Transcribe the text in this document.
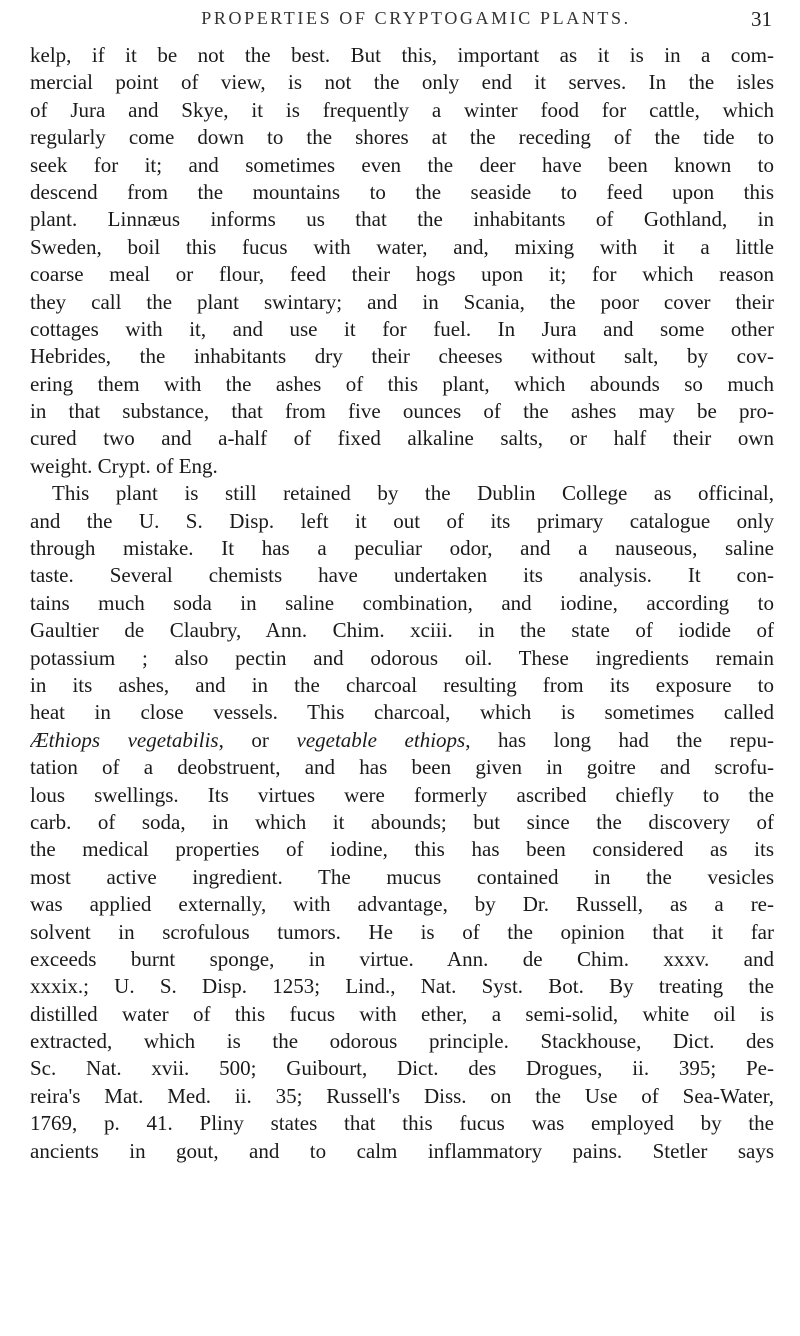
PROPERTIES OF CRYPTOGAMIC PLANTS.	31
kelp, if it be not the best. But this, important as it is in a com-
mercial point of view, is not the only end it serves. In the isles
of Jura and Skye, it is frequently a winter food for cattle, which
regularly come down to the shores at the receding of the tide to
seek for it; and sometimes even the deer have been known to
descend from the mountains to the seaside to feed upon this
plant. Linnæus informs us that the inhabitants of Gothland, in
Sweden, boil this fucus with water, and, mixing with it a little
coarse meal or flour, feed their hogs upon it; for which reason
they call the plant swintary; and in Scania, the poor cover their
cottages with it, and use it for fuel. In Jura and some other
Hebrides, the inhabitants dry their cheeses without salt, by cov-
ering them with the ashes of this plant, which abounds so much
in that substance, that from five ounces of the ashes may be pro-
cured two and a-half of fixed alkaline salts, or half their own
weight. Crypt. of Eng.
This plant is still retained by the Dublin College as officinal,
and the U. S. Disp. left it out of its primary catalogue only
through mistake. It has a peculiar odor, and a nauseous, saline
taste. Several chemists have undertaken its analysis. It con-
tains much soda in saline combination, and iodine, according to
Gaultier de Claubry, Ann. Chim. xciii. in the state of iodide of
potassium ; also pectin and odorous oil. These ingredients remain
in its ashes, and in the charcoal resulting from its exposure to
heat in close vessels. This charcoal, which is sometimes called
Æthiops vegetabilis, or vegetable ethiops, has long had the repu-
tation of a deobstruent, and has been given in goitre and scrofu-
lous swellings. Its virtues were formerly ascribed chiefly to the
carb. of soda, in which it abounds; but since the discovery of
the medical properties of iodine, this has been considered as its
most active ingredient. The mucus contained in the vesicles
was applied externally, with advantage, by Dr. Russell, as a re-
solvent in scrofulous tumors. He is of the opinion that it far
exceeds burnt sponge, in virtue. Ann. de Chim. xxxv. and
xxxix.; U. S. Disp. 1253; Lind., Nat. Syst. Bot. By treating the
distilled water of this fucus with ether, a semi-solid, white oil is
extracted, which is the odorous principle. Stackhouse, Dict. des
Sc. Nat. xvii. 500; Guibourt, Dict. des Drogues, ii. 395; Pe-
reira's Mat. Med. ii. 35; Russell's Diss. on the Use of Sea-Water,
1769, p. 41. Pliny states that this fucus was employed by the
ancients in gout, and to calm inflammatory pains. Stetler says
